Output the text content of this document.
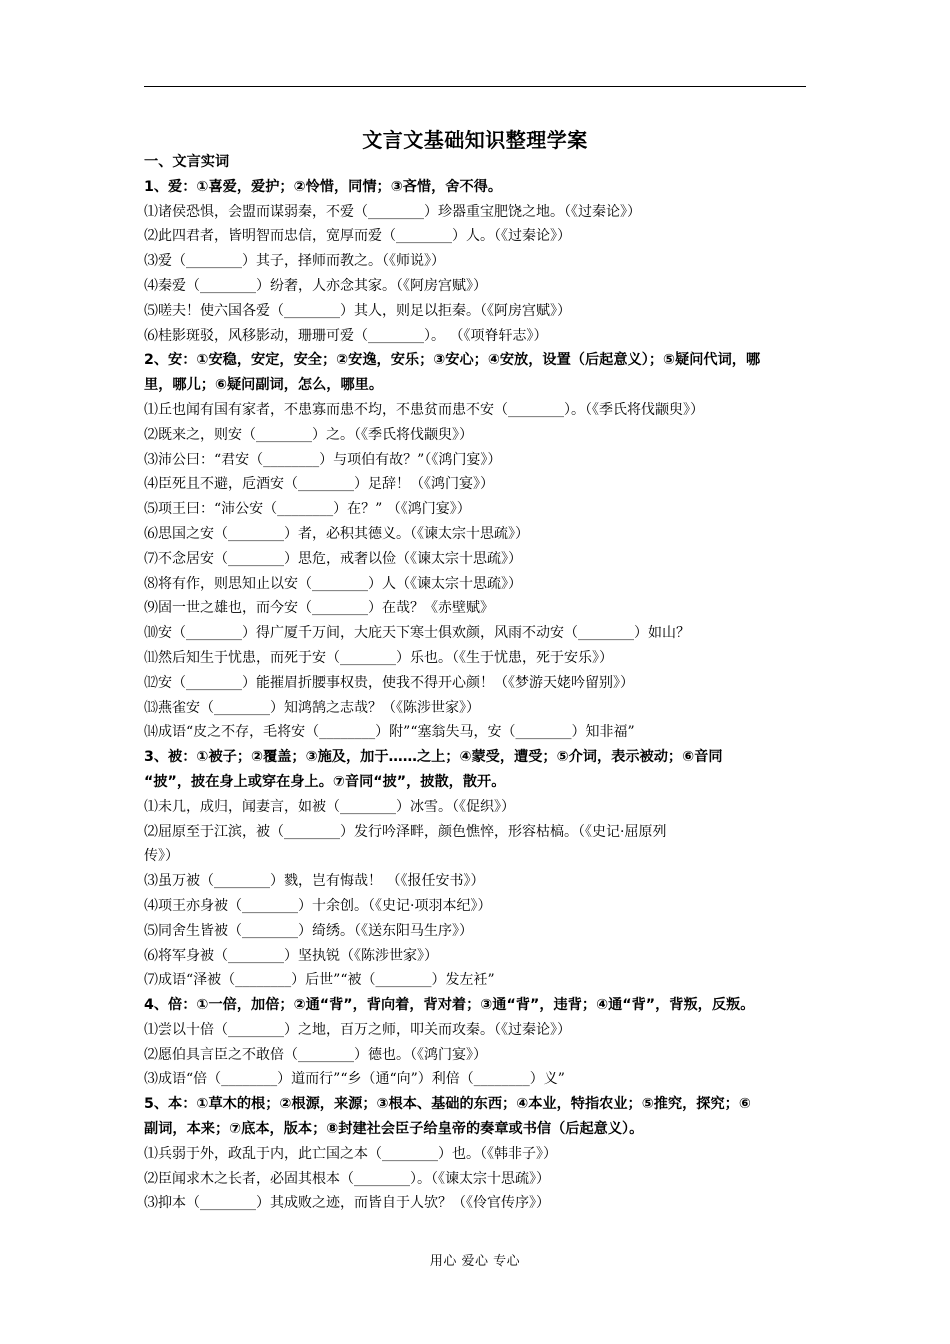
文言文基础知识整理学案
一、文言实词
1、爱：①喜爱，爱护；②怜惜，同情；③吝惜，舍不得。
⑴诸侯恐惧，会盟而谋弱秦，不爱（________）珍器重宝肥饶之地。（《过秦论》）
⑵此四君者，皆明智而忠信，宽厚而爱（________）人。（《过秦论》）
⑶爱（________）其子，择师而教之。（《师说》）
⑷秦爱（________）纷奢，人亦念其家。（《阿房宫赋》）
⑸嗟夫！使六国各爱（________）其人，则足以拒秦。（《阿房宫赋》）
⑹桂影斑驳，风移影动，珊珊可爱（________）。 （《项脊轩志》）
2、安：①安稳，安定，安全；②安逸，安乐；③安心；④安放，设置（后起意义）；⑤疑问代词，哪
里，哪儿；⑥疑问副词，怎么，哪里。
⑴丘也闻有国有家者，不患寡而患不均，不患贫而患不安（________）。（《季氏将伐颛臾》）
⑵既来之，则安（________）之。（《季氏将伐颛臾》）
⑶沛公曰：“君安（________）与项伯有故？”（《鸿门宴》）
⑷臣死且不避，卮酒安（________）足辞！（《鸿门宴》）
⑸项王曰：“沛公安（________）在？” （《鸿门宴》）
⑹思国之安（________）者，必积其德义。（《谏太宗十思疏》）
⑺不念居安（________）思危，戒奢以俭（《谏太宗十思疏》）
⑻将有作，则思知止以安（________）人（《谏太宗十思疏》）
⑼固一世之雄也，而今安（________）在哉？《赤壁赋》
⑽安（________）得广厦千万间，大庇天下寒士俱欢颜，风雨不动安（________）如山？
⑾然后知生于忧患，而死于安（________）乐也。（《生于忧患，死于安乐》）
⑿安（________）能摧眉折腰事权贵，使我不得开心颜！（《梦游天姥吟留别》）
⒀燕雀安（________）知鸿鹄之志哉？（《陈涉世家》）
⒁成语“皮之不存，毛将安（________）附”“塞翁失马，安（________）知非福”
3、被：①被子；②覆盖；③施及，加于……之上；④蒙受，遭受；⑤介词，表示被动；⑥音同
“披”，披在身上或穿在身上。⑦音同“披”，披散，散开。
⑴未几，成归，闻妻言，如被（________）冰雪。（《促织》）
⑵屈原至于江滨，被（________）发行吟泽畔，颜色憔悴，形容枯槁。（《史记·屈原列
传》）
⑶虽万被（________）戮，岂有悔哉！ （《报任安书》）
⑷项王亦身被（________）十余创。（《史记·项羽本纪》）
⑸同舍生皆被（________）绮绣。（《送东阳马生序》）
⑹将军身被（________）坚执锐（《陈涉世家》）
⑺成语“泽被（________）后世”“被（________）发左衽”
4、倍：①一倍，加倍；②通“背”，背向着，背对着；③通“背”，违背；④通“背”，背叛，反叛。
⑴尝以十倍（________）之地，百万之师，叩关而攻秦。（《过秦论》）
⑵愿伯具言臣之不敢倍（________）德也。（《鸿门宴》）
⑶成语“倍（________）道而行”“乡（通“向”）利倍（________）义”
5、本：①草木的根；②根源，来源；③根本、基础的东西；④本业，特指农业；⑤推究，探究；⑥
副词，本来；⑦底本，版本；⑧封建社会臣子给皇帝的奏章或书信（后起意义）。
⑴兵弱于外，政乱于内，此亡国之本（________）也。（《韩非子》）
⑵臣闻求木之长者，必固其根本（________）。（《谏太宗十思疏》）
⑶抑本（________）其成败之迹，而皆自于人欤？（《伶官传序》）
用心 爱心 专心
